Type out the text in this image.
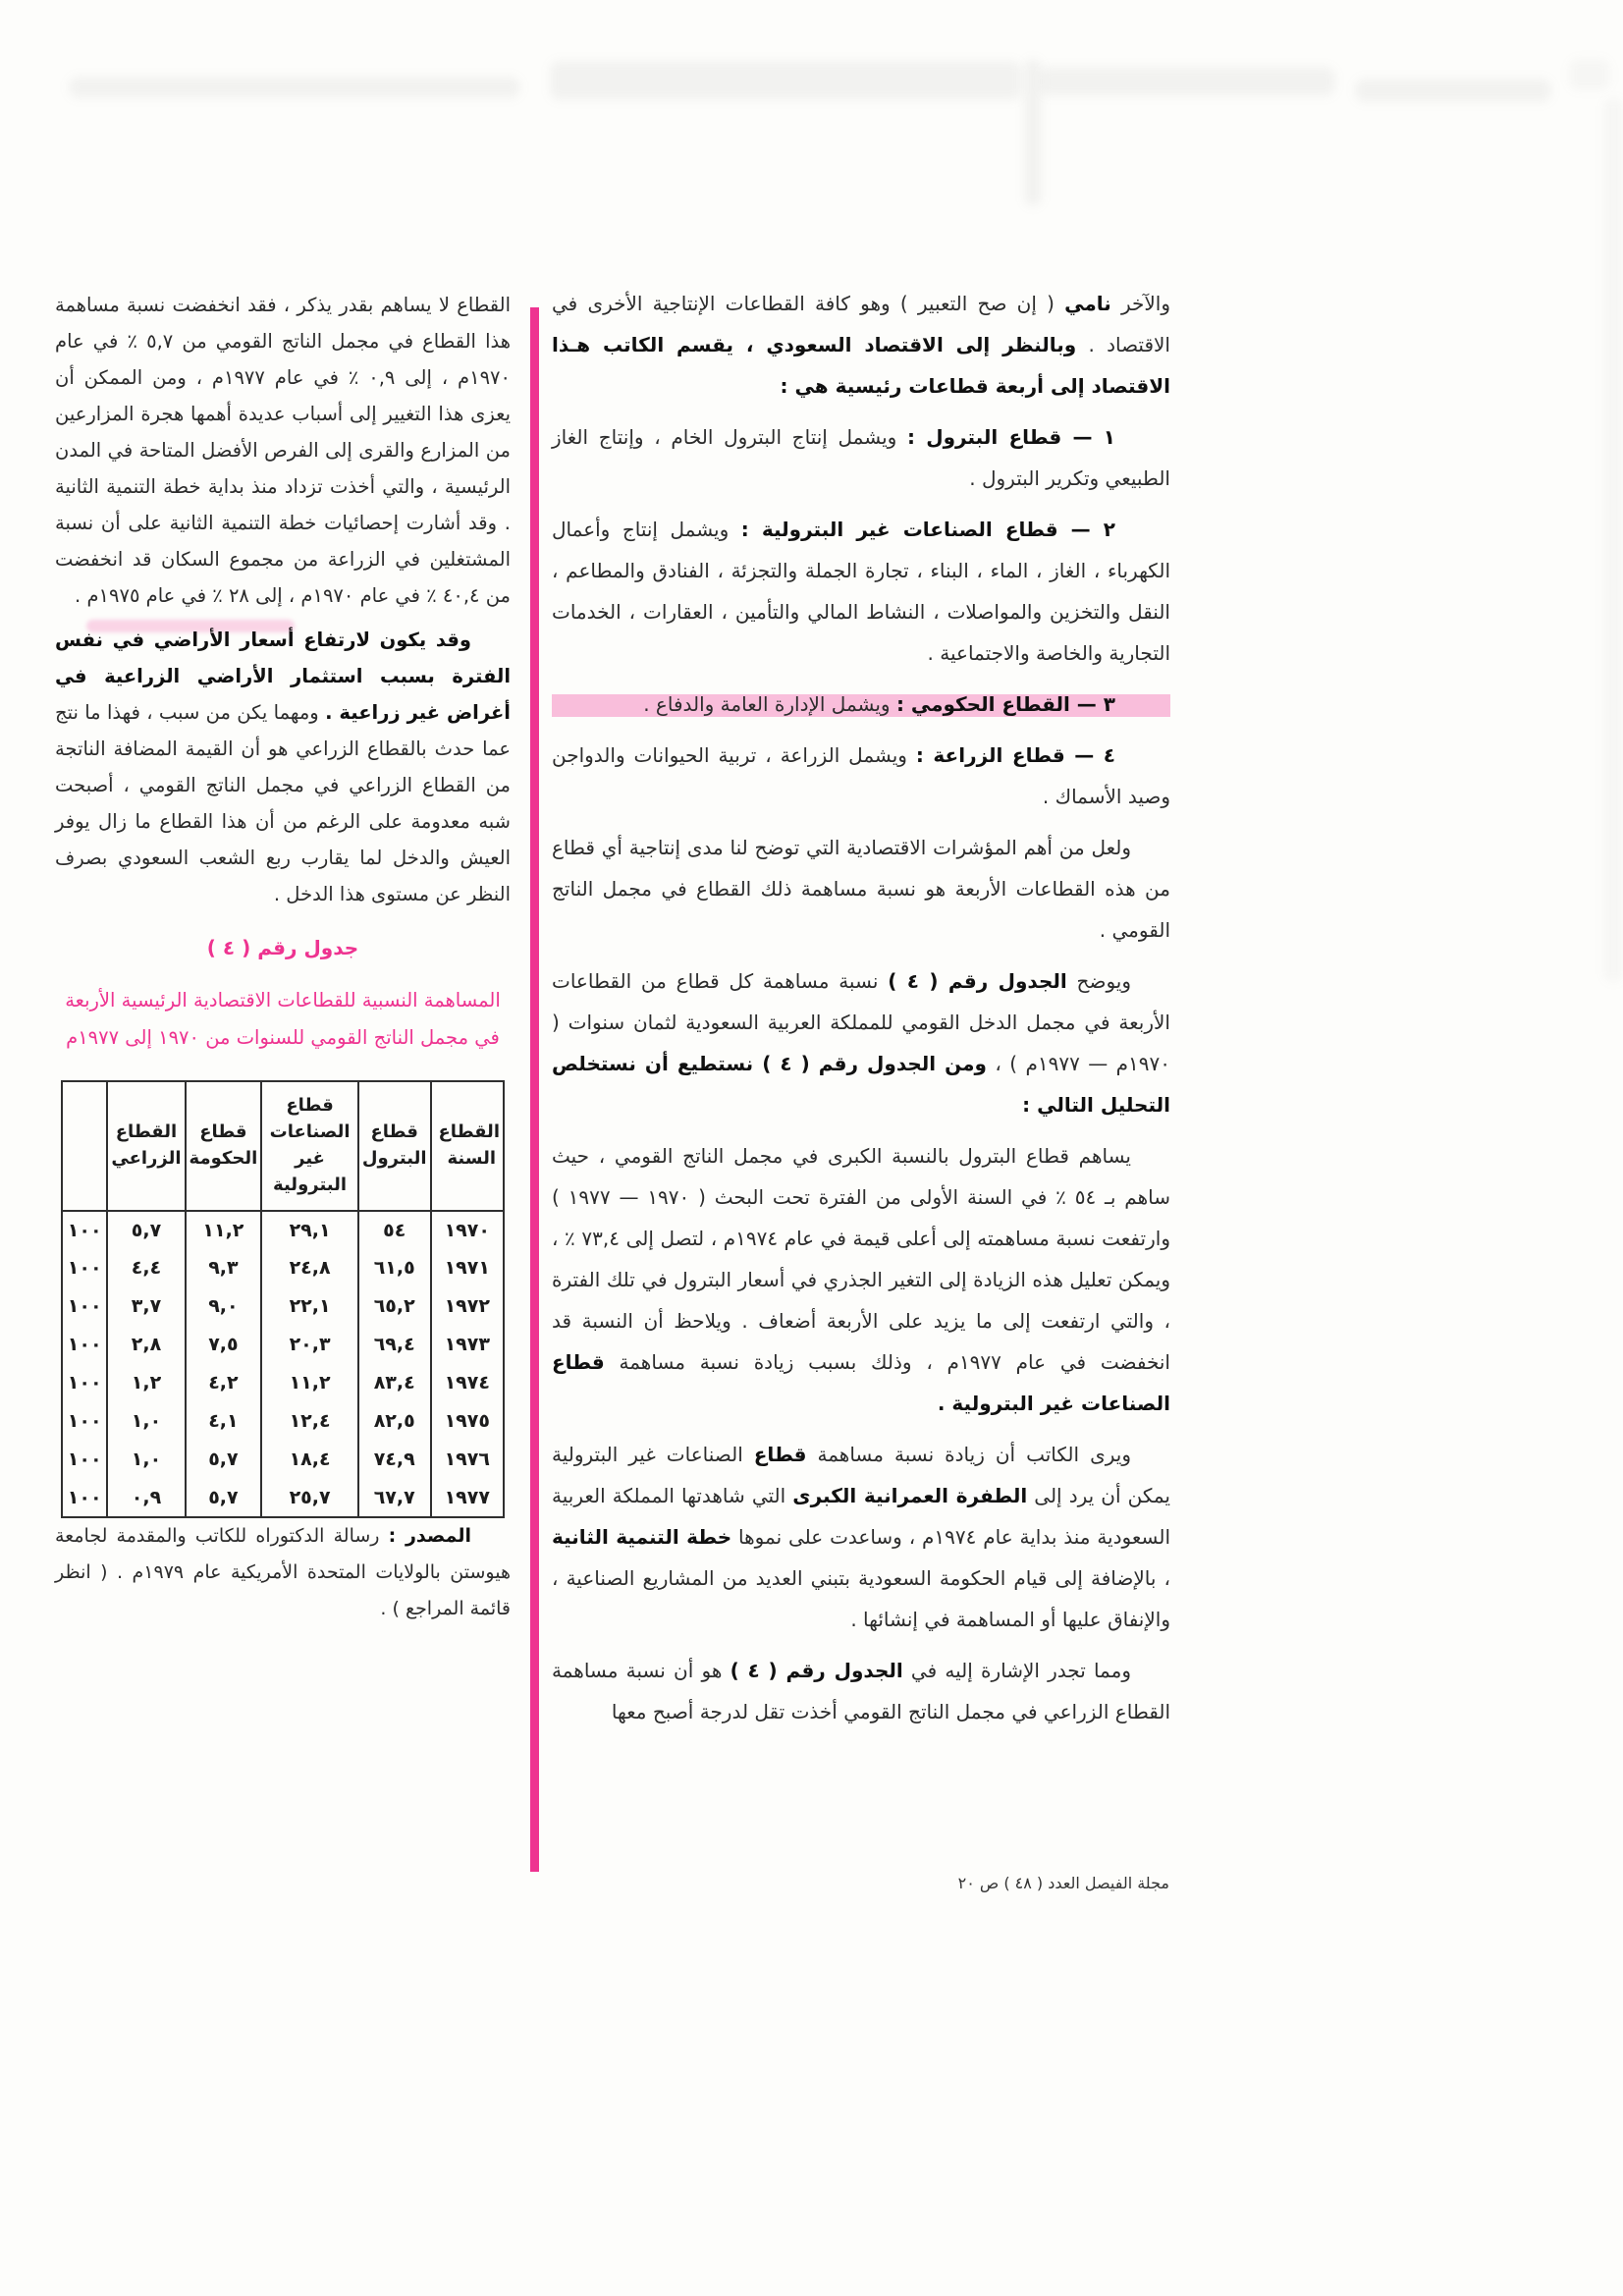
والآخر نامي ( إن صح التعبير ) وهو كافة القطاعات الإنتاجية الأخرى في الاقتصاد . وبالنظر إلى الاقتصاد السعودي ، يقسم الكاتب هـذا الاقتصاد إلى أربعة قطاعات رئيسية هي :

١ — قطاع البترول : ويشمل إنتاج البترول الخام ، وإنتاج الغاز الطبيعي وتكرير البترول .

٢ — قطاع الصناعات غير البترولية : ويشمل إنتاج وأعمال الكهرباء ، الغاز ، الماء ، البناء ، تجارة الجملة والتجزئة ، الفنادق والمطاعم ، النقل والتخزين والمواصلات ، النشاط المالي والتأمين ، العقارات ، الخدمات التجارية والخاصة والاجتماعية .

٣ — القطاع الحكومي : ويشمل الإدارة العامة والدفاع .

٤ — قطاع الزراعة : ويشمل الزراعة ، تربية الحيوانات والدواجن وصيد الأسماك .

ولعل من أهم المؤشرات الاقتصادية التي توضح لنا مدى إنتاجية أي قطاع من هذه القطاعات الأربعة هو نسبة مساهمة ذلك القطاع في مجمل الناتج القومي .

ويوضح الجدول رقم ( ٤ ) نسبة مساهمة كل قطاع من القطاعات الأربعة في مجمل الدخل القومي للمملكة العربية السعودية لثمان سنوات ( ١٩٧٠م — ١٩٧٧م ) ، ومن الجدول رقم ( ٤ ) نستطيع أن نستخلص التحليل التالي :

يساهم قطاع البترول بالنسبة الكبرى في مجمل الناتج القومي ، حيث ساهم بـ ٥٤ ٪ في السنة الأولى من الفترة تحت البحث ( ١٩٧٠ — ١٩٧٧ ) وارتفعت نسبة مساهمته إلى أعلى قيمة في عام ١٩٧٤م ، لتصل إلى ٧٣,٤ ٪ ، ويمكن تعليل هذه الزيادة إلى التغير الجذري في أسعار البترول في تلك الفترة ، والتي ارتفعت إلى ما يزيد على الأربعة أضعاف . ويلاحظ أن النسبة قد انخفضت في عام ١٩٧٧م ، وذلك بسبب زيادة نسبة مساهمة قطاع الصناعات غير البترولية .

ويرى الكاتب أن زيادة نسبة مساهمة قطاع الصناعات غير البترولية يمكن أن يرد إلى الطفرة العمرانية الكبرى التي شاهدتها المملكة العربية السعودية منذ بداية عام ١٩٧٤م ، وساعدت على نموها خطة التنمية الثانية ، بالإضافة إلى قيام الحكومة السعودية بتبني العديد من المشاريع الصناعية ، والإنفاق عليها أو المساهمة في إنشائها .

ومما تجدر الإشارة إليه في الجدول رقم ( ٤ ) هو أن نسبة مساهمة القطاع الزراعي في مجمل الناتج القومي أخذت تقل لدرجة أصبح معها

القطاع لا يساهم بقدر يذكر ، فقد انخفضت نسبة مساهمة هذا القطاع في مجمل الناتج القومي من ٥,٧ ٪ في عام ١٩٧٠م ، إلى ٠,٩ ٪ في عام ١٩٧٧م ، ومن الممكن أن يعزى هذا التغيير إلى أسباب عديدة أهمها هجرة المزارعين من المزارع والقرى إلى الفرص الأفضل المتاحة في المدن الرئيسية ، والتي أخذت تزداد منذ بداية خطة التنمية الثانية . وقد أشارت إحصائيات خطة التنمية الثانية على أن نسبة المشتغلين في الزراعة من مجموع السكان قد انخفضت من ٤٠,٤ ٪ في عام ١٩٧٠م ، إلى ٢٨ ٪ في عام ١٩٧٥م .

وقد يكون لارتفاع أسعار الأراضي في نفس الفترة بسبب استثمار الأراضي الزراعية في أغراض غير زراعية . ومهما يكن من سبب ، فهذا ما نتج عما حدث بالقطاع الزراعي هو أن القيمة المضافة الناتجة من القطاع الزراعي في مجمل الناتج القومي ، أصبحت شبه معدومة على الرغم من أن هذا القطاع ما زال يوفر العيش والدخل لما يقارب ربع الشعب السعودي بصرف النظر عن مستوى هذا الدخل .

جدول رقم ( ٤ )
المساهمة النسبية للقطاعات الاقتصادية الرئيسية الأربعة
في مجمل الناتج القومي للسنوات من ١٩٧٠ إلى ١٩٧٧م
القطاع
السنة

قطاع
البترول

قطاع الصناعات
غير البترولية

قطاع
الحكومة

القطاع
الزراعي

١٩٧٠	٥٤	٢٩,١	١١,٢	٥,٧	١٠٠
١٩٧١	٦١,٥	٢٤,٨	٩,٣	٤,٤	١٠٠
١٩٧٢	٦٥,٢	٢٢,١	٩,٠	٣,٧	١٠٠
١٩٧٣	٦٩,٤	٢٠,٣	٧,٥	٢,٨	١٠٠
١٩٧٤	٨٣,٤	١١,٢	٤,٢	١,٢	١٠٠
١٩٧٥	٨٢,٥	١٢,٤	٤,١	١,٠	١٠٠
١٩٧٦	٧٤,٩	١٨,٤	٥,٧	١,٠	١٠٠
١٩٧٧	٦٧,٧	٢٥,٧	٥,٧	٠,٩	١٠٠

المصدر : رسالة الدكتوراه للكاتب والمقدمة لجامعة هيوستن بالولايات المتحدة الأمريكية عام ١٩٧٩م . ( انظر قائمة المراجع ) .

مجلة الفيصل العدد ( ٤٨ ) ص ٢٠
